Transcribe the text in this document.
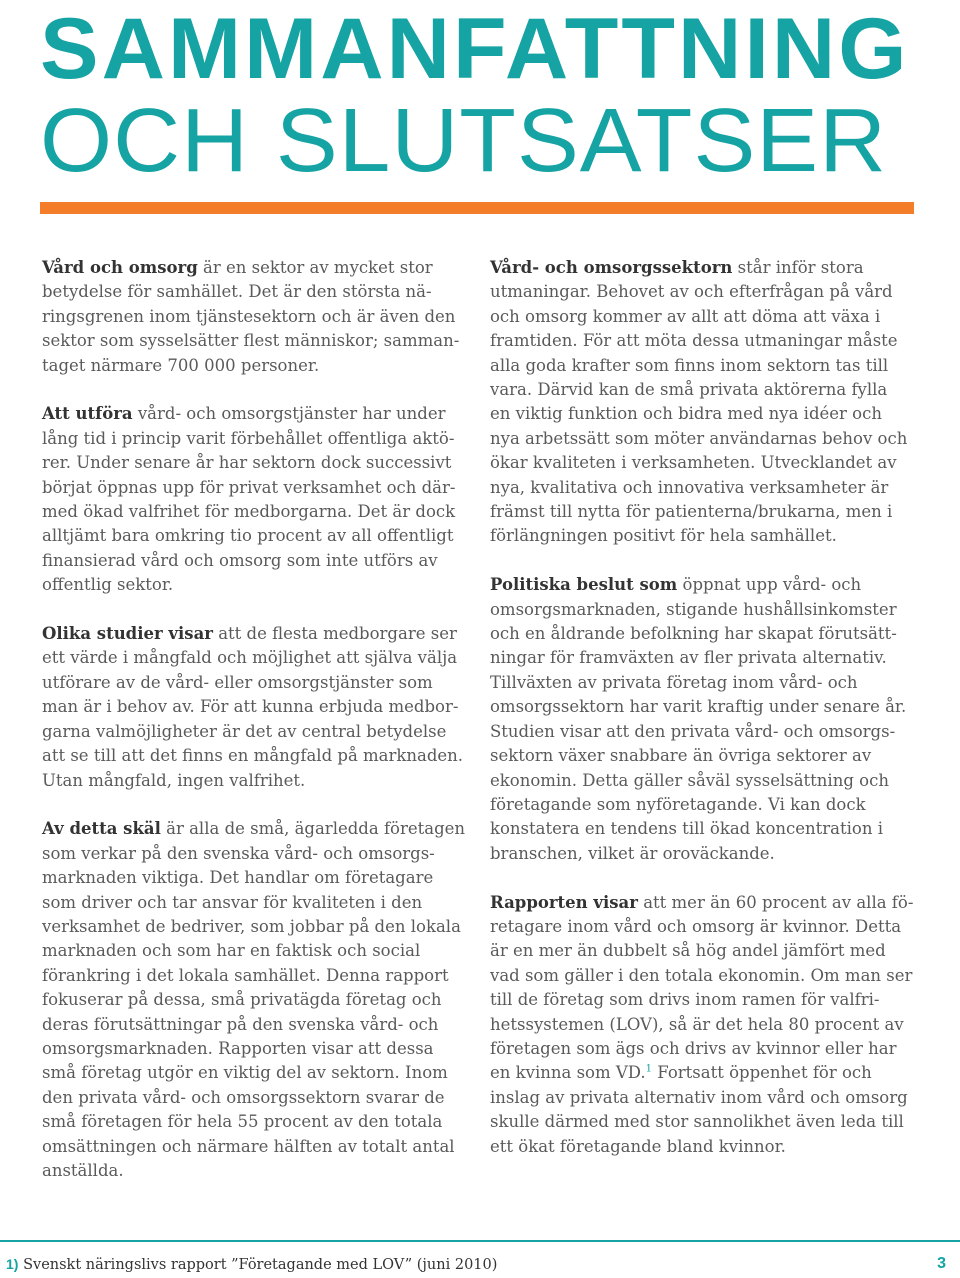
SAMMANFATTNING
OCH SLUTSATSER

Vård och omsorg är en sektor av mycket stor
betydelse för samhället. Det är den största nä-
ringsgrenen inom tjänstesektorn och är även den
sektor som sysselsätter flest människor; samman-
taget närmare 700 000 personer.

Att utföra vård- och omsorgstjänster har under
lång tid i princip varit förbehållet offentliga aktö-
rer. Under senare år har sektorn dock successivt
börjat öppnas upp för privat verksamhet och där-
med ökad valfrihet för medborgarna. Det är dock
alltjämt bara omkring tio procent av all offentligt
finansierad vård och omsorg som inte utförs av
offentlig sektor.

Olika studier visar att de flesta medborgare ser
ett värde i mångfald och möjlighet att själva välja
utförare av de vård- eller omsorgstjänster som
man är i behov av. För att kunna erbjuda medbor-
garna valmöjligheter är det av central betydelse
att se till att det finns en mångfald på marknaden.
Utan mångfald, ingen valfrihet.

Av detta skäl är alla de små, ägarledda företagen
som verkar på den svenska vård- och omsorgs-
marknaden viktiga. Det handlar om företagare
som driver och tar ansvar för kvaliteten i den
verksamhet de bedriver, som jobbar på den lokala
marknaden och som har en faktisk och social
förankring i det lokala samhället. Denna rapport
fokuserar på dessa, små privatägda företag och
deras förutsättningar på den svenska vård- och
omsorgsmarknaden. Rapporten visar att dessa
små företag utgör en viktig del av sektorn. Inom
den privata vård- och omsorgssektorn svarar de
små företagen för hela 55 procent av den totala
omsättningen och närmare hälften av totalt antal
anställda.

Vård- och omsorgssektorn står inför stora
utmaningar. Behovet av och efterfrågan på vård
och omsorg kommer av allt att döma att växa i
framtiden. För att möta dessa utmaningar måste
alla goda krafter som finns inom sektorn tas till
vara. Därvid kan de små privata aktörerna fylla
en viktig funktion och bidra med nya idéer och
nya arbetssätt som möter användarnas behov och
ökar kvaliteten i verksamheten. Utvecklandet av
nya, kvalitativa och innovativa verksamheter är
främst till nytta för patienterna/brukarna, men i
förlängningen positivt för hela samhället.

Politiska beslut som öppnat upp vård- och
omsorgsmarknaden, stigande hushållsinkomster
och en åldrande befolkning har skapat förutsätt-
ningar för framväxten av fler privata alternativ.
Tillväxten av privata företag inom vård- och
omsorgssektorn har varit kraftig under senare år.
Studien visar att den privata vård- och omsorgs-
sektorn växer snabbare än övriga sektorer av
ekonomin. Detta gäller såväl sysselsättning och
företagande som nyföretagande. Vi kan dock
konstatera en tendens till ökad koncentration i
branschen, vilket är oroväckande.

Rapporten visar att mer än 60 procent av alla fö-
retagare inom vård och omsorg är kvinnor. Detta
är en mer än dubbelt så hög andel jämfört med
vad som gäller i den totala ekonomin. Om man ser
till de företag som drivs inom ramen för valfri-
hetssystemen (LOV), så är det hela 80 procent av
företagen som ägs och drivs av kvinnor eller har
en kvinna som VD.$^1$ Fortsatt öppenhet för och
inslag av privata alternativ inom vård och omsorg
skulle därmed med stor sannolikhet även leda till
ett ökat företagande bland kvinnor.

1) Svenskt näringslivs rapport ”Företagande med LOV” (juni 2010)	3
